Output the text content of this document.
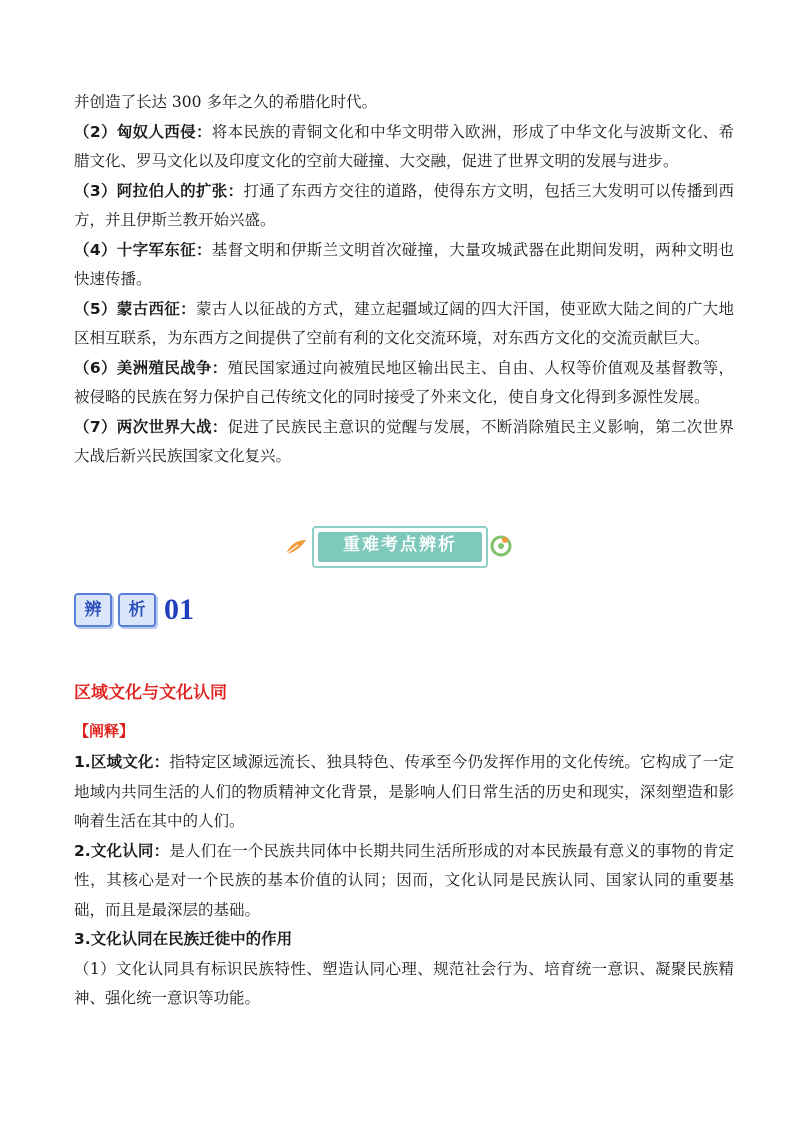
并创造了长达 300 多年之久的希腊化时代。

（2）匈奴人西侵：将本民族的青铜文化和中华文明带入欧洲，形成了中华文化与波斯文化、希腊文化、罗马文化以及印度文化的空前大碰撞、大交融，促进了世界文明的发展与进步。

（3）阿拉伯人的扩张：打通了东西方交往的道路，使得东方文明，包括三大发明可以传播到西方，并且伊斯兰教开始兴盛。

（4）十字军东征：基督文明和伊斯兰文明首次碰撞，大量攻城武器在此期间发明，两种文明也快速传播。

（5）蒙古西征：蒙古人以征战的方式，建立起疆域辽阔的四大汗国，使亚欧大陆之间的广大地区相互联系，为东西方之间提供了空前有利的文化交流环境，对东西方文化的交流贡献巨大。

（6）美洲殖民战争：殖民国家通过向被殖民地区输出民主、自由、人权等价值观及基督教等，被侵略的民族在努力保护自己传统文化的同时接受了外来文化，使自身文化得到多源性发展。

（7）两次世界大战：促进了民族民主意识的觉醒与发展，不断消除殖民主义影响，第二次世界大战后新兴民族国家文化复兴。

重难考点辨析
辨 析 01
区域文化与文化认同
【阐释】

1.区域文化：指特定区域源远流长、独具特色、传承至今仍发挥作用的文化传统。它构成了一定地域内共同生活的人们的物质精神文化背景，是影响人们日常生活的历史和现实，深刻塑造和影响着生活在其中的人们。

2.文化认同：是人们在一个民族共同体中长期共同生活所形成的对本民族最有意义的事物的肯定性，其核心是对一个民族的基本价值的认同；因而，文化认同是民族认同、国家认同的重要基础，而且是最深层的基础。

3.文化认同在民族迁徙中的作用

（1）文化认同具有标识民族特性、塑造认同心理、规范社会行为、培育统一意识、凝聚民族精神、强化统一意识等功能。
